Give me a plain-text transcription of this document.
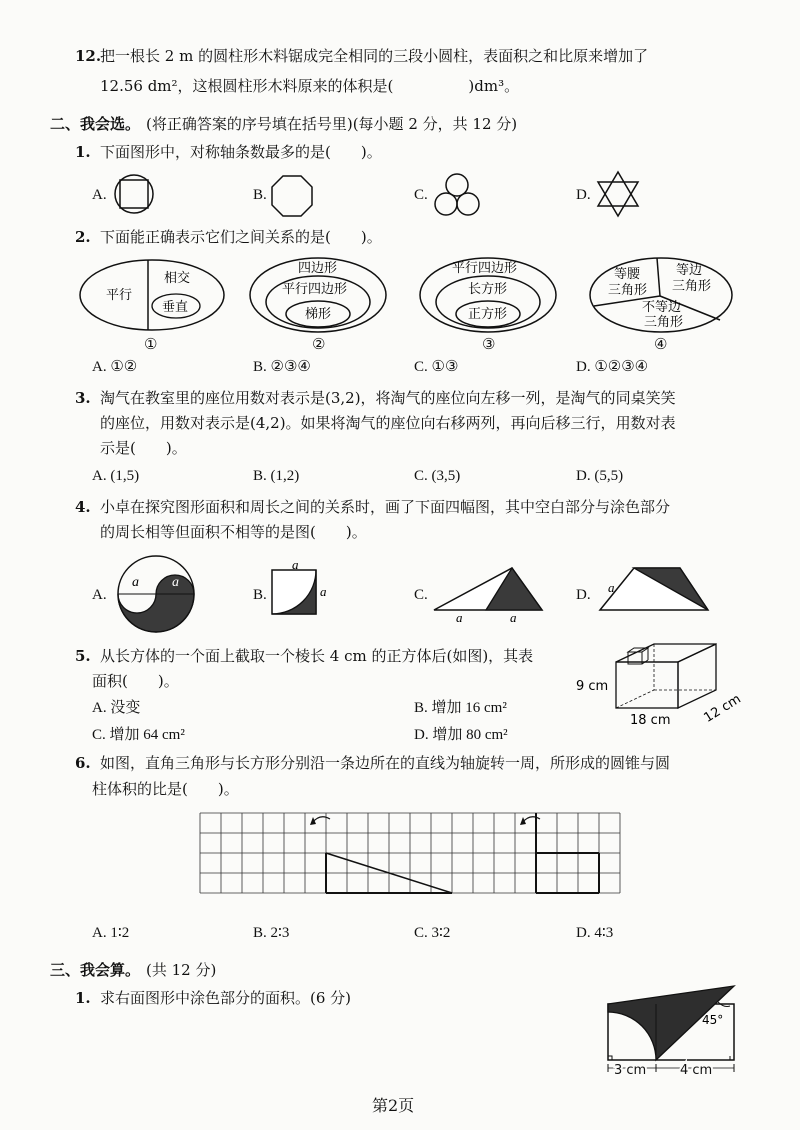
12.
把一根长 2 m 的圆柱形木料锯成完全相同的三段小圆柱，表面积之和比原来增加了
12.56 dm²，这根圆柱形木料原来的体积是(　　　　　)dm³。
二、我会选。 (将正确答案的序号填在括号里)(每小题 2 分，共 12 分)
1. 下面图形中，对称轴条数最多的是(　　)。
A.	B.	C.	D.
2. 下面能正确表示它们之间关系的是(　　)。
平行
相交
垂直
四边形
平行四边形
梯形
平行四边形
长方形
正方形
等腰
三角形
等边
三角形
不等边
三角形
①	②	③	④
A. ①②	B. ②③④	C. ①③	D. ①②③④
3. 淘气在教室里的座位用数对表示是(3,2)，将淘气的座位向左移一列，是淘气的同桌笑笑
的座位，用数对表示是(4,2)。如果将淘气的座位向右移两列，再向后移三行，用数对表
示是(　　)。
A. (1,5)	B. (1,2)	C. (3,5)	D. (5,5)
4. 小卓在探究图形面积和周长之间的关系时，画了下面四幅图，其中空白部分与涂色部分
的周长相等但面积不相等的是图(　　)。
A.
a a
B.
a
a	C.
a	a
D. a
5. 从长方体的一个面上截取一个棱长 4 cm 的正方体后(如图)，其表
面积(　　)。
A. 没变	B. 增加 16 cm²
C. 增加 64 cm²	D. 增加 80 cm²
9 cm
18 cm 12 cm
6. 如图，直角三角形与长方形分别沿一条边所在的直线为轴旋转一周，所形成的圆锥与圆
柱体积的比是(　　)。
A. 1∶2	B. 2∶3	C. 3∶2	D. 4∶3
三、我会算。 (共 12 分)
1. 求右面图形中涂色部分的面积。(6 分)
3 cm	4 cm
45°
第2页
